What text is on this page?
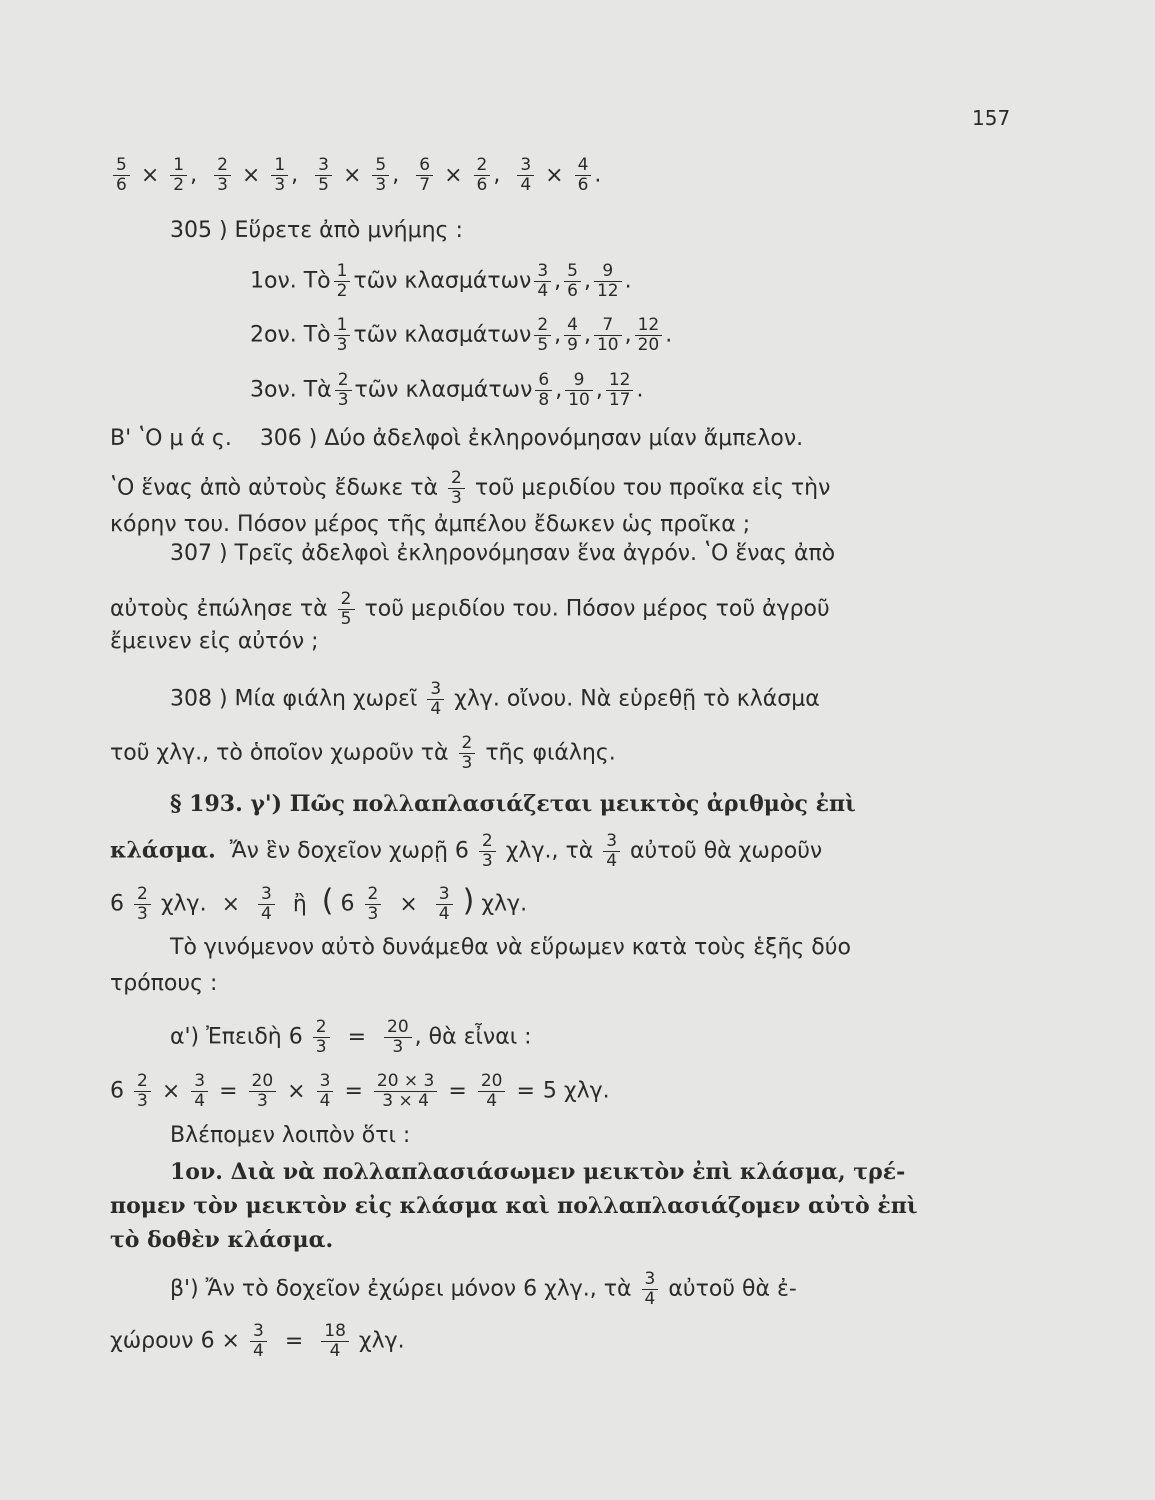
157
$\frac{5}{6} \times \frac{1}{2}$ , $\frac{2}{3} \times \frac{1}{3}$ , $\frac{3}{5} \times \frac{5}{3}$ , $\frac{6}{7} \times \frac{2}{6}$ , $\frac{3}{4} \times \frac{4}{6}$ .
305 ) Εὕρετε ἀπὸ μνήμης :
1ον. Τὸ $\frac{1}{2}$ τῶν κλασμάτων $\frac{3}{4}$ , $\frac{5}{6}$ , $\frac{9}{12}$ .
2ον. Τὸ $\frac{1}{3}$ τῶν κλασμάτων $\frac{2}{5}$ , $\frac{4}{9}$ , $\frac{7}{10}$ , $\frac{12}{20}$ .
3ον. Τὰ $\frac{2}{3}$ τῶν κλασμάτων $\frac{6}{8}$ , $\frac{9}{10}$ , $\frac{12}{17}$ .
Β' ʽΟ μ ά ς. 306 ) Δύο ἀδελφοὶ ἐκληρονόμησαν μίαν ἄμπελον.
ʽΟ ἕνας ἀπὸ αὐτοὺς ἔδωκε τὰ $\frac{2}{3}$ τοῦ μεριδίου του προῖκα εἰς τὴν
κόρην του. Πόσον μέρος τῆς ἀμπέλου ἔδωκεν ὡς προῖκα ;
307 ) Τρεῖς ἀδελφοὶ ἐκληρονόμησαν ἕνα ἀγρόν. ʽΟ ἕνας ἀπὸ
αὐτοὺς ἐπώλησε τὰ $\frac{2}{5}$ τοῦ μεριδίου του. Πόσον μέρος τοῦ ἀγροῦ
ἔμεινεν εἰς αὐτόν ;
308 ) Μία φιάλη χωρεῖ $\frac{3}{4} \chi\lambda\gamma$. οἴνου. Νὰ εὑρεθῇ τὸ κλάσμα
τοῦ χλγ., τὸ ὁποῖον χωροῦν τὰ $\frac{2}{3}$ τῆς φιάλης.
§ 193. γ') Πῶς πολλαπλασιάζεται μεικτὸς ἀριθμὸς ἐπὶ
κλάσμα. Ἄν ἓν δοχεῖον χωρῇ $6 \frac{2}{3} \chi\lambda\gamma$., τὰ $\frac{3}{4}$ αὐτοῦ θὰ χωροῦν
$6 \frac{2}{3} \chi\lambda\gamma$. × $\frac{3}{4}$ ἢ ( $6 \frac{2}{3} \times \frac{3}{4}$ ) χλγ.
Τὸ γινόμενον αὐτὸ δυνάμεθα νὰ εὕρωμεν κατὰ τοὺς ἑξῆς δύο
τρόπους :
α') Ἐπειδὴ $6 \frac{2}{3} = \frac{20}{3}$ , θὰ εἶναι :
$6 \frac{2}{3} \times \frac{3}{4} = \frac{20}{3} \times \frac{3}{4} = \frac{20 \times 3}{3 \times 4} = \frac{20}{4} = 5$ χλγ.
Βλέπομεν λοιπὸν ὅτι :
1ον. Διὰ νὰ πολλαπλασιάσωμεν μεικτὸν ἐπὶ κλάσμα, τρέ-
πομεν τὸν μεικτὸν εἰς κλάσμα καὶ πολλαπλασιάζομεν αὐτὸ ἐπὶ
τὸ δοθὲν κλάσμα.
β') Ἄν τὸ δοχεῖον ἐχώρει μόνον 6 χλγ., τὰ $\frac{3}{4}$ αὐτοῦ θὰ ἐ-
χώρουν $6 \times \frac{3}{4} = \frac{18}{4} \chi\lambda\gamma$.
